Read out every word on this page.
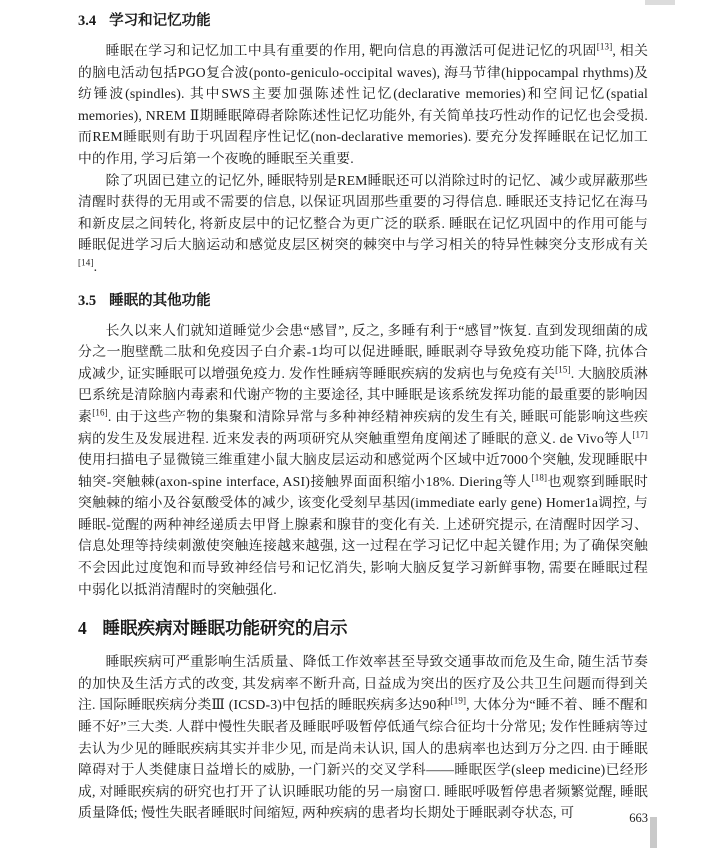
3.4 学习和记忆功能

睡眠在学习和记忆加工中具有重要的作用, 靶向信息的再激活可促进记忆的巩固[13], 相关的脑电活动包括PGO复合波(ponto-geniculo-occipital waves), 海马节律(hippocampal rhythms)及纺锤波(spindles). 其中SWS主要加强陈述性记忆(declarative memories)和空间记忆(spatial memories), NREM Ⅱ期睡眠障碍者除陈述性记忆功能外, 有关简单技巧性动作的记忆也会受损. 而REM睡眠则有助于巩固程序性记忆(non-declarative memories). 要充分发挥睡眠在记忆加工中的作用, 学习后第一个夜晚的睡眠至关重要.

除了巩固已建立的记忆外, 睡眠特别是REM睡眠还可以消除过时的记忆、减少或屏蔽那些清醒时获得的无用或不需要的信息, 以保证巩固那些重要的习得信息. 睡眠还支持记忆在海马和新皮层之间转化, 将新皮层中的记忆整合为更广泛的联系. 睡眠在记忆巩固中的作用可能与睡眠促进学习后大脑运动和感觉皮层区树突的棘突中与学习相关的特异性棘突分支形成有关[14].

3.5 睡眠的其他功能

长久以来人们就知道睡觉少会患“感冒”, 反之, 多睡有利于“感冒”恢复. 直到发现细菌的成分之一胞壁酰二肽和免疫因子白介素-1均可以促进睡眠, 睡眠剥夺导致免疫功能下降, 抗体合成减少, 证实睡眠可以增强免疫力. 发作性睡病等睡眠疾病的发病也与免疫有关[15]. 大脑胶质淋巴系统是清除脑内毒素和代谢产物的主要途径, 其中睡眠是该系统发挥功能的最重要的影响因素[16]. 由于这些产物的集聚和清除异常与多种神经精神疾病的发生有关, 睡眠可能影响这些疾病的发生及发展进程. 近来发表的两项研究从突触重塑角度阐述了睡眠的意义. de Vivo等人[17]使用扫描电子显微镜三维重建小鼠大脑皮层运动和感觉两个区域中近7000个突触, 发现睡眠中轴突-突触棘(axon-spine interface, ASI)接触界面面积缩小18%. Diering等人[18]也观察到睡眠时突触棘的缩小及谷氨酸受体的减少, 该变化受刻早基因(immediate early gene) Homer1a调控, 与睡眠-觉醒的两种神经递质去甲肾上腺素和腺苷的变化有关. 上述研究提示, 在清醒时因学习、信息处理等持续刺激使突触连接越来越强, 这一过程在学习记忆中起关键作用; 为了确保突触不会因此过度饱和而导致神经信号和记忆消失, 影响大脑反复学习新鲜事物, 需要在睡眠过程中弱化以抵消清醒时的突触强化.

4 睡眠疾病对睡眠功能研究的启示

睡眠疾病可严重影响生活质量、降低工作效率甚至导致交通事故而危及生命, 随生活节奏的加快及生活方式的改变, 其发病率不断升高, 日益成为突出的医疗及公共卫生问题而得到关注. 国际睡眠疾病分类Ⅲ (ICSD-3)中包括的睡眠疾病多达90种[19], 大体分为“睡不着、睡不醒和睡不好”三大类. 人群中慢性失眠者及睡眠呼吸暂停低通气综合征均十分常见; 发作性睡病等过去认为少见的睡眠疾病其实并非少见, 而是尚未认识, 国人的患病率也达到万分之四. 由于睡眠障碍对于人类健康日益增长的威胁, 一门新兴的交叉学科——睡眠医学(sleep medicine)已经形成, 对睡眠疾病的研究也打开了认识睡眠功能的另一扇窗口. 睡眠呼吸暂停患者频繁觉醒, 睡眠质量降低; 慢性失眠者睡眠时间缩短, 两种疾病的患者均长期处于睡眠剥夺状态, 可	663
